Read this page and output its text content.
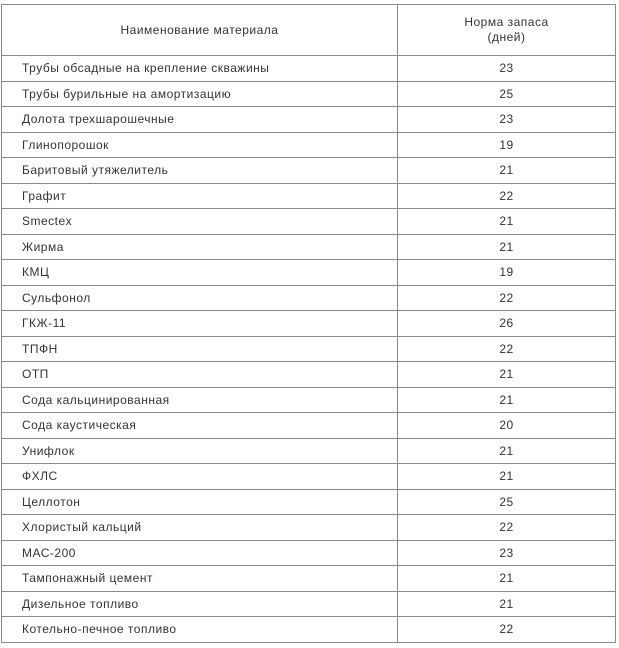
Наименование материала	Норма запаса
(дней)

Трубы обсадные на крепление скважины	23
Трубы бурильные на амортизацию	25
Долота трехшарошечные	23
Глинопорошок	19
Баритовый утяжелитель	21
Графит	22
Smectex	21
Жирма	21
КМЦ	19
Сульфонол	22
ГКЖ-11	26
ТПФН	22
ОТП	21
Сода кальцинированная	21
Сода каустическая	20
Унифлок	21
ФХЛС	21
Целлотон	25
Хлористый кальций	22
МАС-200	23
Тампонажный цемент	21
Дизельное топливо	21
Котельно-печное топливо	22
